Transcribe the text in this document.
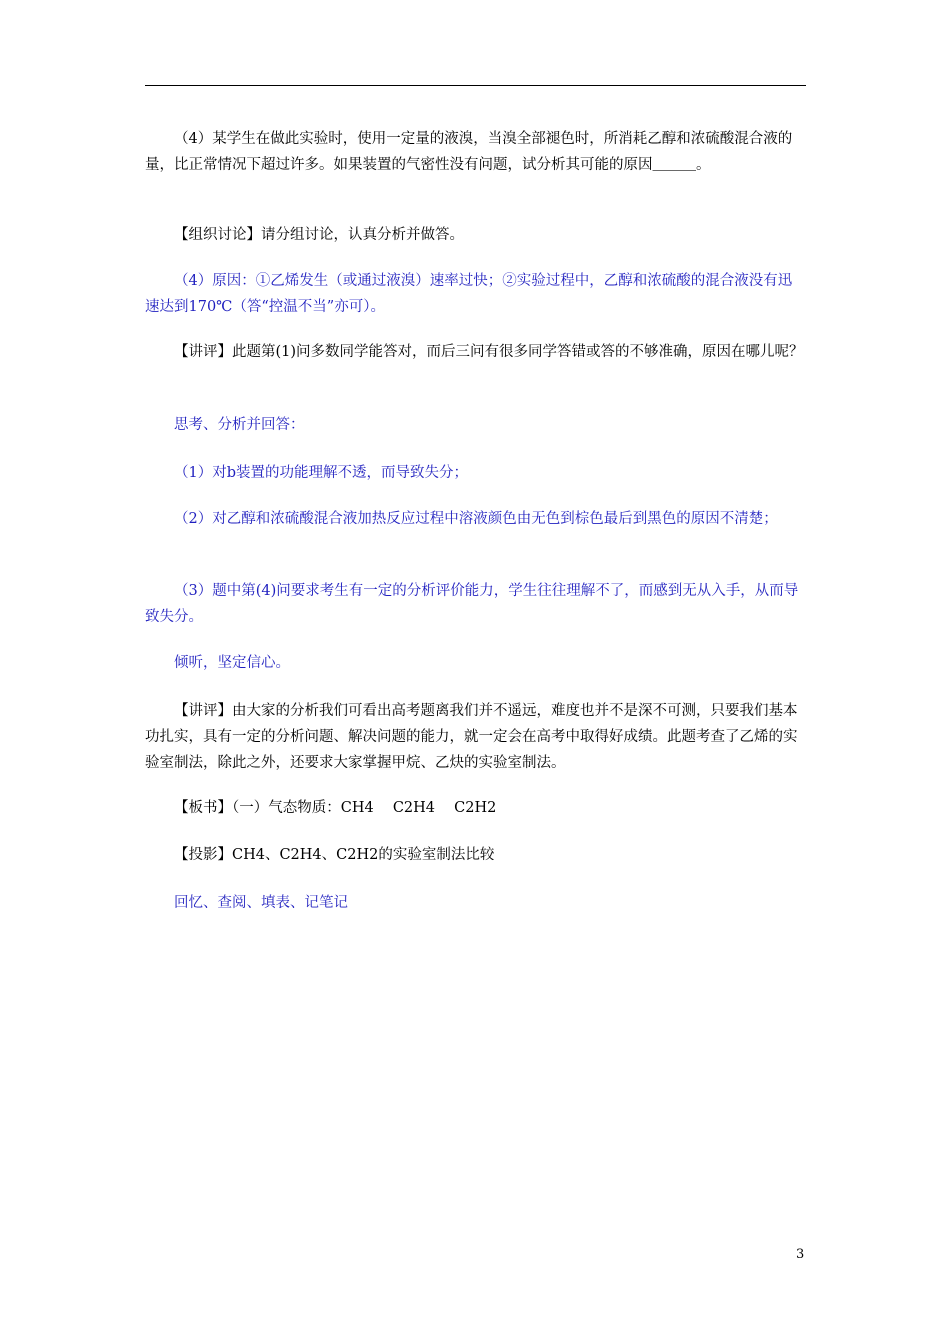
（4）某学生在做此实验时，使用一定量的液溴，当溴全部褪色时，所消耗乙醇和浓硫酸混合液的量，比正常情况下超过许多。如果装置的气密性没有问题，试分析其可能的原因＿＿＿。

【组织讨论】请分组讨论，认真分析并做答。

（4）原因：①乙烯发生（或通过液溴）速率过快；②实验过程中，乙醇和浓硫酸的混合液没有迅速达到170℃（答“控温不当”亦可）。

【讲评】此题第(1)问多数同学能答对，而后三问有很多同学答错或答的不够准确，原因在哪儿呢？

思考、分析并回答：

（1）对b装置的功能理解不透，而导致失分；

（2）对乙醇和浓硫酸混合液加热反应过程中溶液颜色由无色到棕色最后到黑色的原因不清楚；

（3）题中第(4)问要求考生有一定的分析评价能力，学生往往理解不了，而感到无从入手，从而导致失分。

倾听，坚定信心。

【讲评】由大家的分析我们可看出高考题离我们并不遥远，难度也并不是深不可测，只要我们基本功扎实，具有一定的分析问题、解决问题的能力，就一定会在高考中取得好成绩。此题考查了乙烯的实验室制法，除此之外，还要求大家掌握甲烷、乙炔的实验室制法。

【板书】（一）气态物质：CH4　 C2H4　 C2H2

【投影】CH4、C2H4、C2H2的实验室制法比较

回忆、查阅、填表、记笔记

3
